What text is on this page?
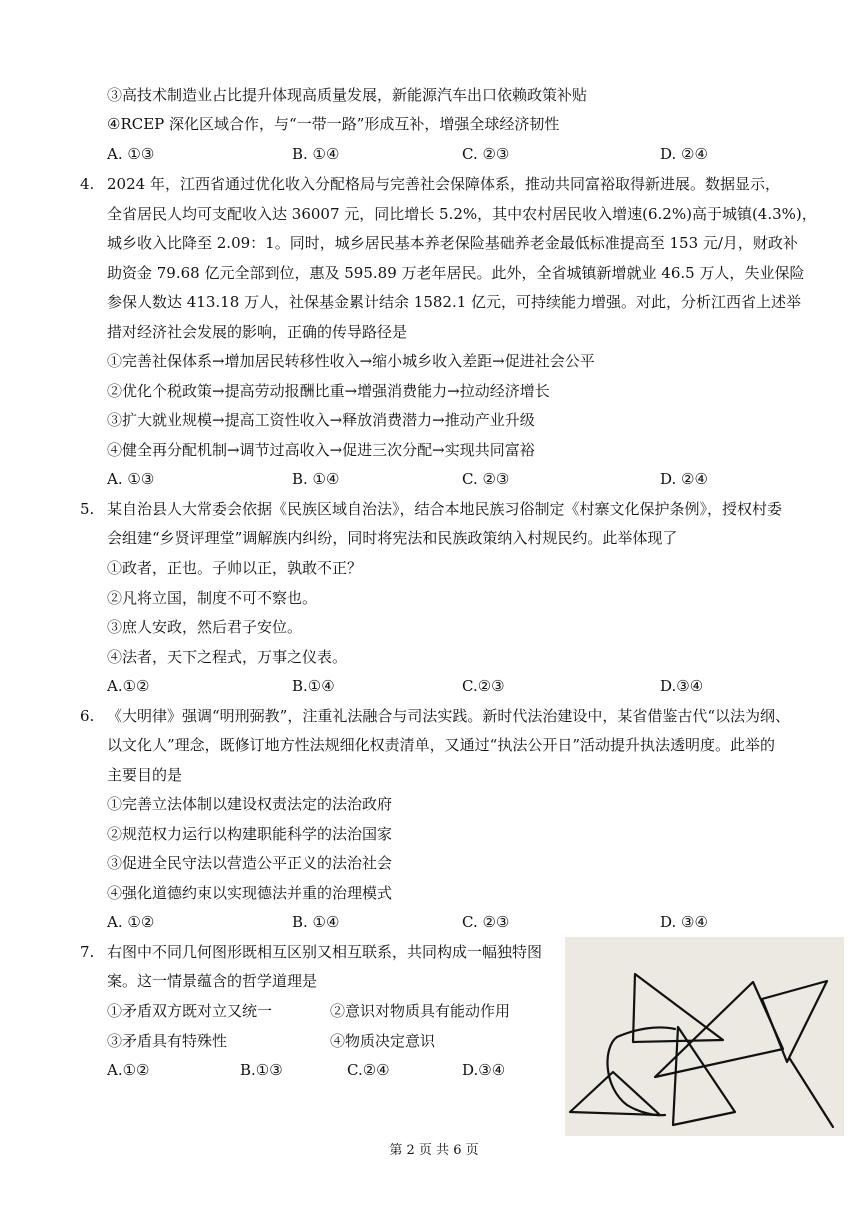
③高技术制造业占比提升体现高质量发展，新能源汽车出口依赖政策补贴
④RCEP 深化区域合作，与“一带一路”形成互补，增强全球经济韧性
A. ①③	B. ①④	C. ②③	D. ②④
4. 2024 年，江西省通过优化收入分配格局与完善社会保障体系，推动共同富裕取得新进展。数据显示，
全省居民人均可支配收入达 36007 元，同比增长 5.2%，其中农村居民收入增速(6.2%)高于城镇(4.3%)，
城乡收入比降至 2.09：1。同时，城乡居民基本养老保险基础养老金最低标准提高至 153 元/月，财政补
助资金 79.68 亿元全部到位，惠及 595.89 万老年居民。此外，全省城镇新增就业 46.5 万人，失业保险
参保人数达 413.18 万人，社保基金累计结余 1582.1 亿元，可持续能力增强。对此，分析江西省上述举
措对经济社会发展的影响，正确的传导路径是
①完善社保体系→增加居民转移性收入→缩小城乡收入差距→促进社会公平
②优化个税政策→提高劳动报酬比重→增强消费能力→拉动经济增长
③扩大就业规模→提高工资性收入→释放消费潜力→推动产业升级
④健全再分配机制→调节过高收入→促进三次分配→实现共同富裕
A. ①③	B. ①④	C. ②③	D. ②④
5. 某自治县人大常委会依据《民族区域自治法》，结合本地民族习俗制定《村寨文化保护条例》，授权村委
会组建“乡贤评理堂”调解族内纠纷，同时将宪法和民族政策纳入村规民约。此举体现了
①政者，正也。子帅以正，孰敢不正？
②凡将立国，制度不可不察也。
③庶人安政，然后君子安位。
④法者，天下之程式，万事之仪表。
A.①②	B.①④	C.②③	D.③④
6. 《大明律》强调“明刑弼教”，注重礼法融合与司法实践。新时代法治建设中，某省借鉴古代“以法为纲、
以文化人”理念，既修订地方性法规细化权责清单，又通过“执法公开日”活动提升执法透明度。此举的
主要目的是
①完善立法体制以建设权责法定的法治政府
②规范权力运行以构建职能科学的法治国家
③促进全民守法以营造公平正义的法治社会
④强化道德约束以实现德法并重的治理模式
A. ①②	B. ①④	C. ②③	D. ③④
7. 右图中不同几何图形既相互区别又相互联系，共同构成一幅独特图
案。这一情景蕴含的哲学道理是
①矛盾双方既对立又统一	②意识对物质具有能动作用
③矛盾具有特殊性	④物质决定意识
A.①②	B.①③	C.②④	D.③④
第 2 页 共 6 页
